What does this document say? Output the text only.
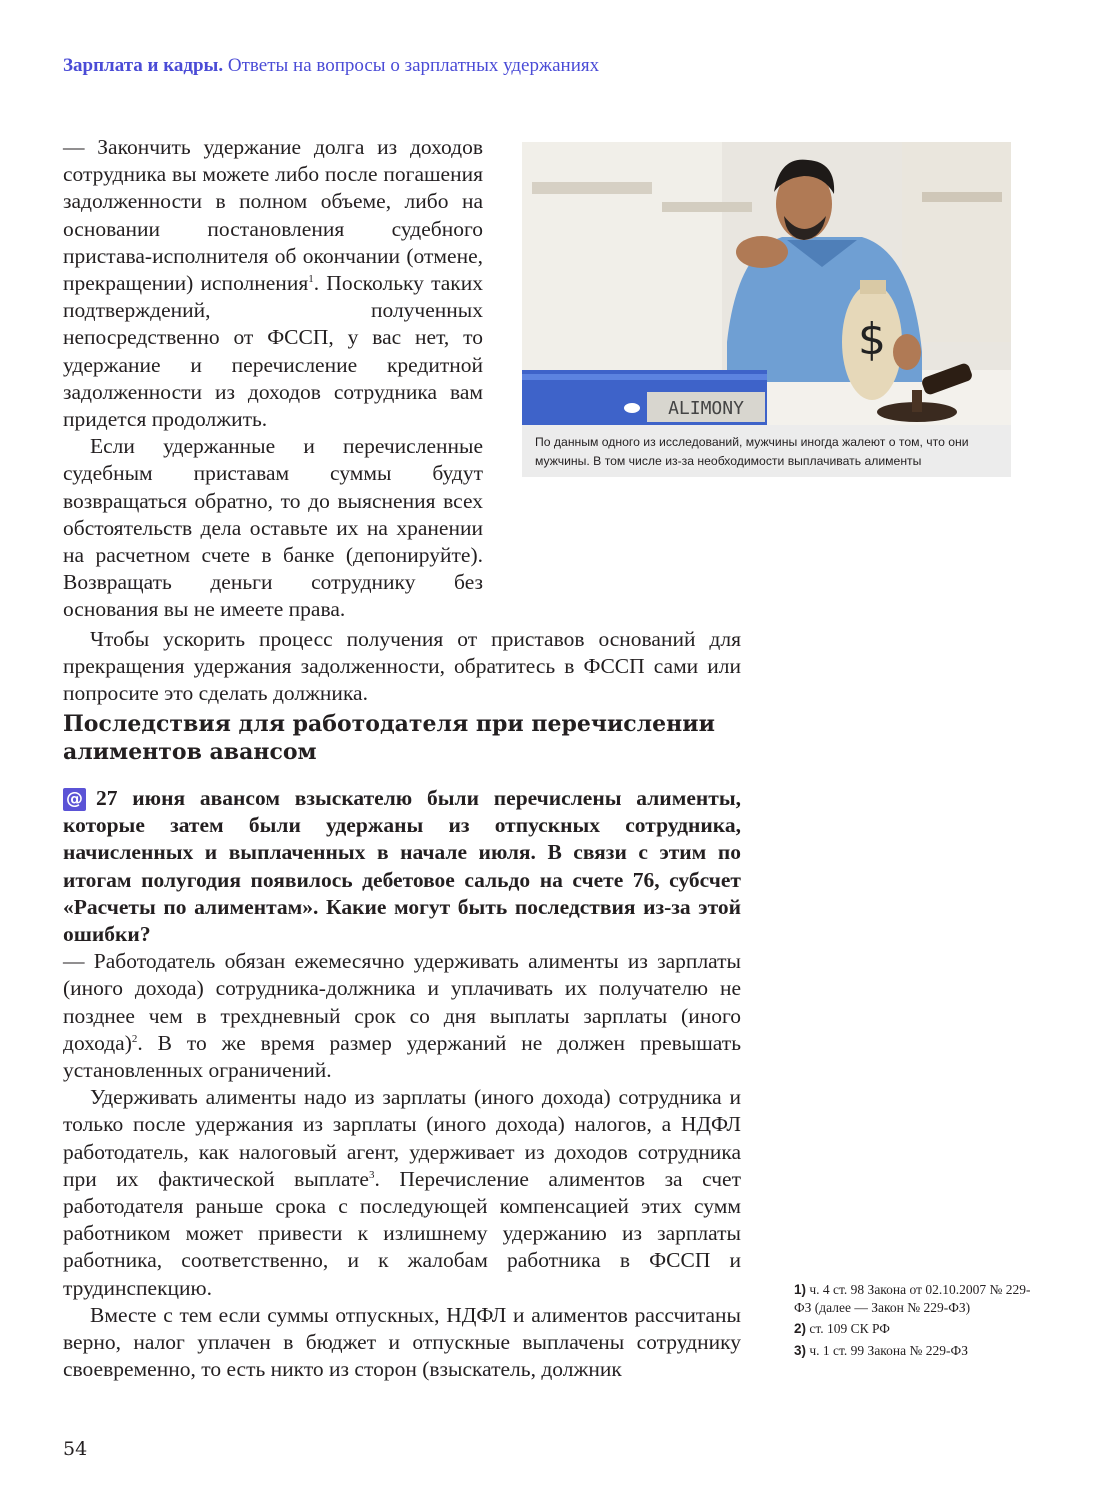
Зарплата и кадры. Ответы на вопросы о зарплатных удержаниях

— Закончить удержание долга из доходов сотрудника вы можете либо после погашения задолженности в полном объеме, либо на основании постановления судебного пристава-исполнителя об окончании (отмене, прекращении) исполнения$^1$. Поскольку таких подтверждений, полученных непосредственно от ФССП, у вас нет, то удержание и перечисление кредитной задолженности из доходов сотрудника вам придется продолжить.

Если удержанные и перечисленные судебным приставам суммы будут возвращаться обратно, то до выяснения всех обстоятельств дела оставьте их на хранении на расчетном счете в банке (депонируйте). Возвращать деньги сотруднику без основания вы не имеете права.

Чтобы ускорить процесс получения от приставов оснований для прекращения удержания задолженности, обратитесь в ФССП сами или попросите это сделать должника.

$
ALIMONY
По данным одного из исследований, мужчины иногда жалеют о том, что они мужчины. В том числе из-за необходимости выплачивать алименты
Последствия для работодателя при перечислении алиментов авансом

@ 27 июня авансом взыскателю были перечислены алименты, которые затем были удержаны из отпускных сотрудника, начисленных и выплаченных в начале июля. В связи с этим по итогам полугодия появилось дебетовое сальдо на счете 76, субсчет «Расчеты по алиментам». Какие могут быть последствия из-за этой ошибки?

— Работодатель обязан ежемесячно удерживать алименты из зарплаты (иного дохода) сотрудника-должника и уплачивать их получателю не позднее чем в трехдневный срок со дня выплаты зарплаты (иного дохода)$^2$. В то же время размер удержаний не должен превышать установленных ограничений.

Удерживать алименты надо из зарплаты (иного дохода) сотрудника и только после удержания из зарплаты (иного дохода) налогов, а НДФЛ работодатель, как налоговый агент, удерживает из доходов сотрудника при их фактической выплате$^3$. Перечисление алиментов за счет работодателя раньше срока с последующей компенсацией этих сумм работником может привести к излишнему удержанию из зарплаты работника, соответственно, и к жалобам работника в ФССП и трудинспекцию.

Вместе с тем если суммы отпускных, НДФЛ и алиментов рассчитаны верно, налог уплачен в бюджет и отпускные выплачены сотруднику своевременно, то есть никто из сторон (взыскатель, должник

1) ч. 4 ст. 98 Закона от 02.10.2007 № 229-ФЗ (далее — Закон № 229-ФЗ)
2) ст. 109 СК РФ
3) ч. 1 ст. 99 Закона № 229-ФЗ
54
